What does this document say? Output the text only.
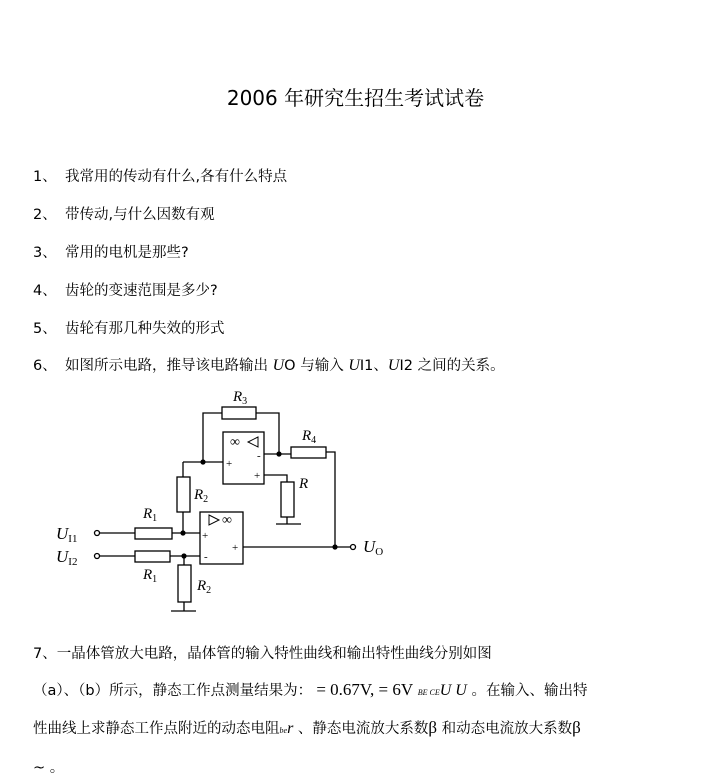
2006 年研究生招生考试试卷
1、 我常用的传动有什么,各有什么特点
2、 带传动,与什么因数有观
3、 常用的电机是那些?
4、 齿轮的变速范围是多少?
5、 齿轮有那几种失效的形式
6、 如图所示电路，推导该电路输出 UO 与输入 UI1、UI2 之间的关系。
$R_3$
$R_4$
R
$R_2$
$R_1$
$R_1$	$R_2$
UI1
UI2
UO
∞
+
-
+
∞
+
-
+
7、一晶体管放大电路，晶体管的输入特性曲线和输出特性曲线分别如图
（a）、（b）所示，静态工作点测量结果为： = 0.67V, = 6V BE CEU U 。在输入、输出特
性曲线上求静态工作点附近的动态电阻ber 、静态电流放大系数β 和动态电流放大系数β
~ 。
